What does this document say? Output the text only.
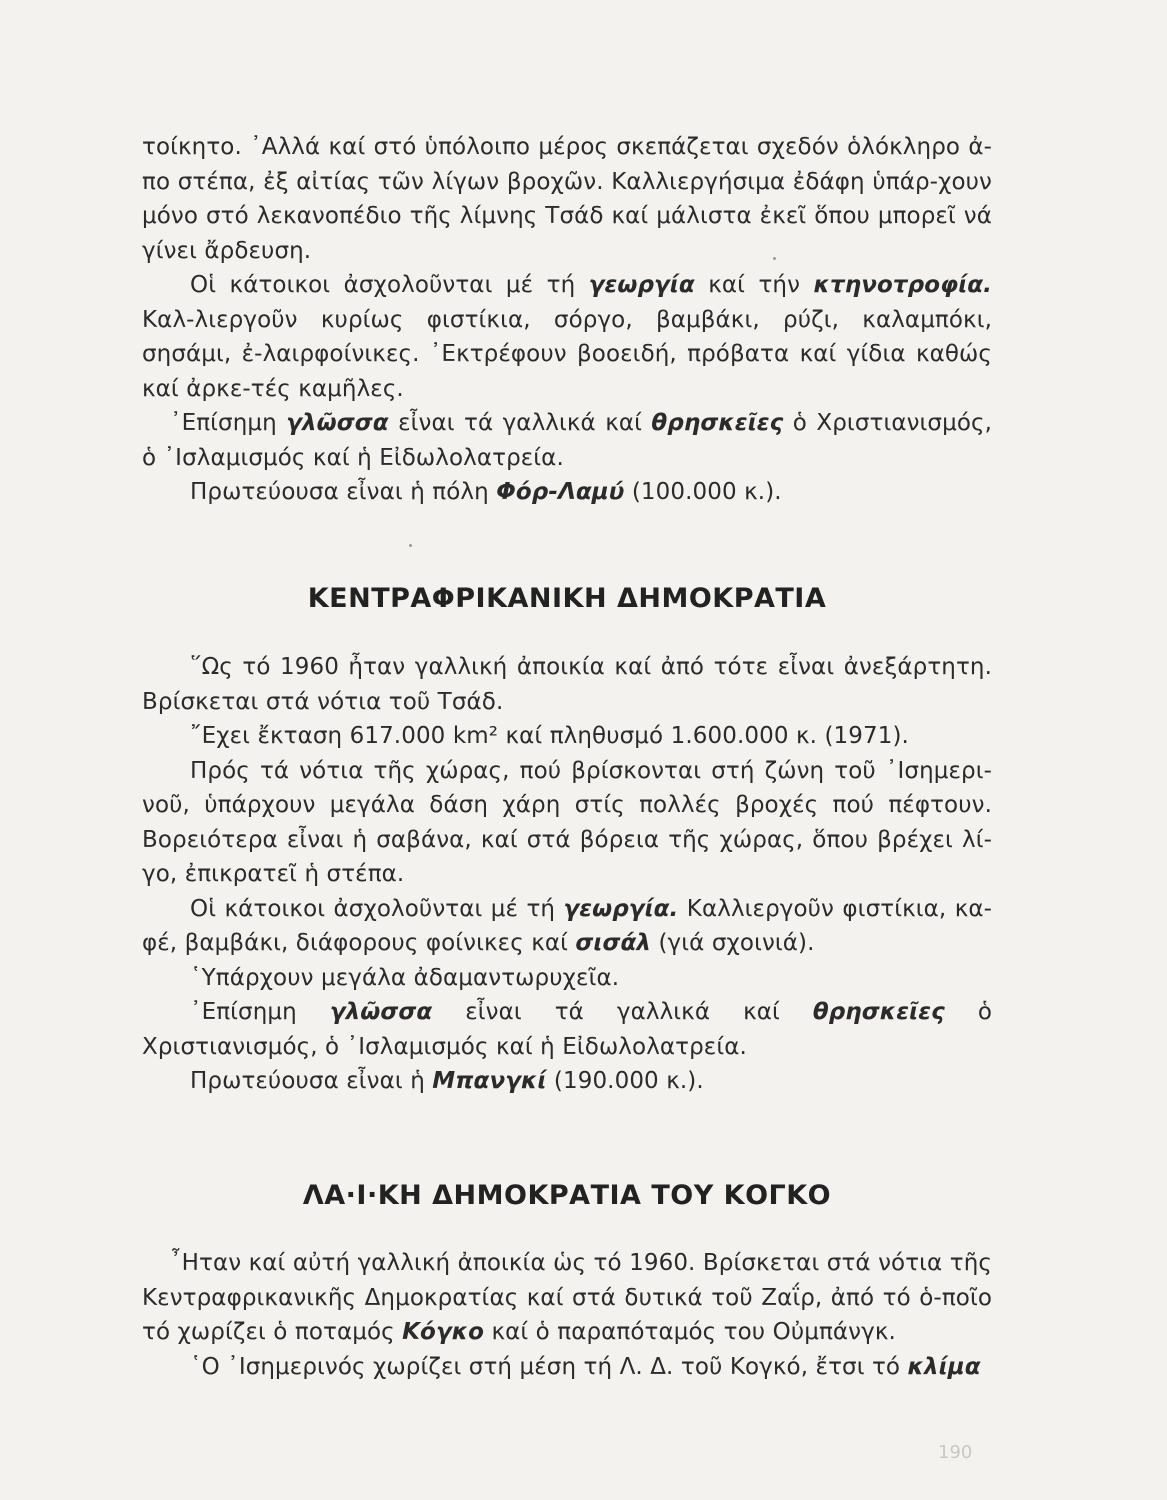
τοίκητο. ᾿Αλλά καί στό ὑπόλοιπο μέρος σκεπάζεται σχεδόν ὁλόκληρο ἀ-πο στέπα, ἐξ αἰτίας τῶν λίγων βροχῶν. Καλλιεργήσιμα ἐδάφη ὑπάρ-χουν μόνο στό λεκανοπέδιο τῆς λίμνης Τσάδ καί μάλιστα ἐκεῖ ὅπου μπορεῖ νά γίνει ἄρδευση.

Οἱ κάτοικοι ἀσχολοῦνται μέ τή γεωργία καί τήν κτηνοτροφία. Καλ-λιεργοῦν κυρίως φιστίκια, σόργο, βαμβάκι, ρύζι, καλαμπόκι, σησάμι, ἐ-λαιρφοίνικες. ᾿Εκτρέφουν βοοειδή, πρόβατα καί γίδια καθώς καί ἀρκε-τές καμῆλες.

᾿Επίσημη γλῶσσα εἶναι τά γαλλικά καί θρησκεῖες ὁ Χριστιανισμός, ὁ ᾿Ισλαμισμός καί ἡ Εἰδωλολατρεία.

Πρωτεύουσα εἶναι ἡ πόλη Φόρ-Λαμύ (100.000 κ.).

ΚΕΝΤΡΑΦΡΙΚΑΝΙΚΗ ΔΗΜΟΚΡΑΤΙΑ

῞Ως τό 1960 ἦταν γαλλική ἀποικία καί ἀπό τότε εἶναι ἀνεξάρτητη. Βρίσκεται στά νότια τοῦ Τσάδ.

῎Εχει ἔκταση 617.000 km² καί πληθυσμό 1.600.000 κ. (1971).

Πρός τά νότια τῆς χώρας, πού βρίσκονται στή ζώνη τοῦ ᾿Ισημερι-νοῦ, ὑπάρχουν μεγάλα δάση χάρη στίς πολλές βροχές πού πέφτουν. Βορειότερα εἶναι ἡ σαβάνα, καί στά βόρεια τῆς χώρας, ὅπου βρέχει λί-γο, ἐπικρατεῖ ἡ στέπα.

Οἱ κάτοικοι ἀσχολοῦνται μέ τή γεωργία. Καλλιεργοῦν φιστίκια, κα-φέ, βαμβάκι, διάφορους φοίνικες καί σισάλ (γιά σχοινιά).

῾Υπάρχουν μεγάλα ἀδαμαντωρυχεῖα.

᾿Επίσημη γλῶσσα εἶναι τά γαλλικά καί θρησκεῖες ὁ Χριστιανισμός, ὁ ᾿Ισλαμισμός καί ἡ Εἰδωλολατρεία.

Πρωτεύουσα εἶναι ἡ Μπανγκί (190.000 κ.).

ΛΑ·Ι·ΚΗ ΔΗΜΟΚΡΑΤΙΑ ΤΟΥ ΚΟΓΚΟ

῏Ηταν καί αὐτή γαλλική ἀποικία ὡς τό 1960. Βρίσκεται στά νότια τῆς Κεντραφρικανικῆς Δημοκρατίας καί στά δυτικά τοῦ Ζαΐρ, ἀπό τό ὁ-ποῖο τό χωρίζει ὁ ποταμός Κόγκο καί ὁ παραπόταμός του Οὐμπάνγκ.

῾Ο ᾿Ισημερινός χωρίζει στή μέση τή Λ. Δ. τοῦ Κογκό, ἔτσι τό κλίμα

190
